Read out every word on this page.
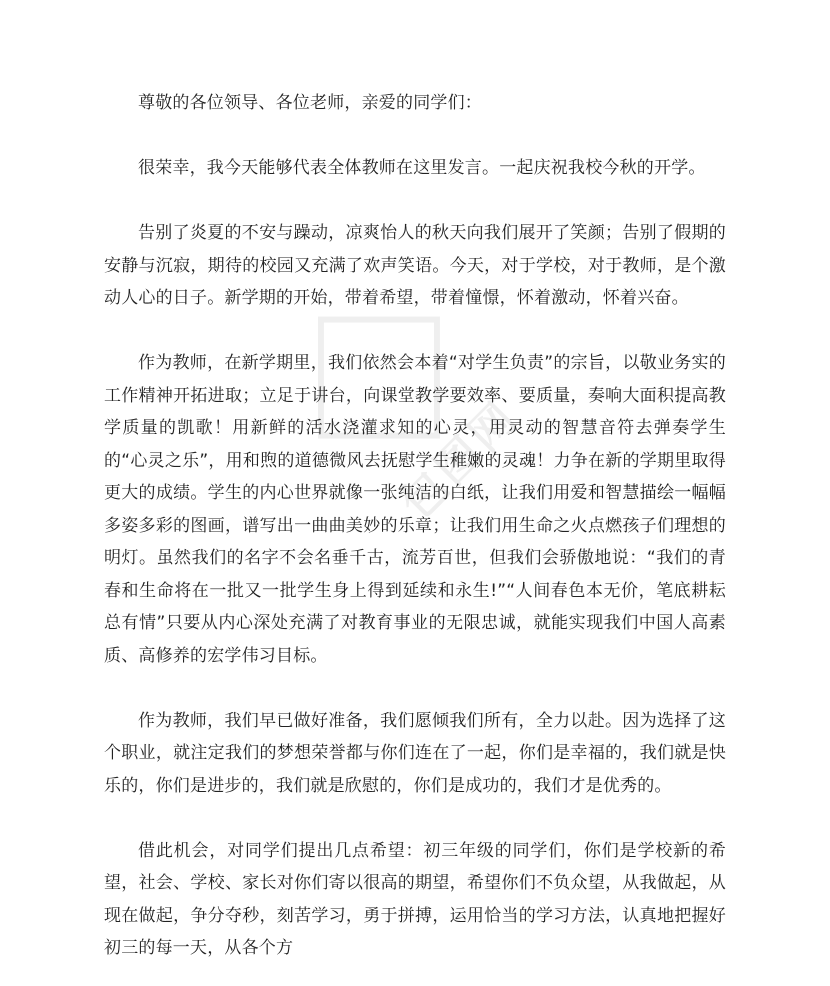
包图网

尊敬的各位领导、各位老师，亲爱的同学们：

很荣幸，我今天能够代表全体教师在这里发言。一起庆祝我校今秋的开学。

告别了炎夏的不安与躁动，凉爽怡人的秋天向我们展开了笑颜；告别了假期的安静与沉寂，期待的校园又充满了欢声笑语。今天，对于学校，对于教师，是个激动人心的日子。新学期的开始，带着希望，带着憧憬，怀着激动，怀着兴奋。

作为教师，在新学期里，我们依然会本着“对学生负责”的宗旨，以敬业务实的工作精神开拓进取；立足于讲台，向课堂教学要效率、要质量，奏响大面积提高教学质量的凯歌！用新鲜的活水浇灌求知的心灵，用灵动的智慧音符去弹奏学生的“心灵之乐”，用和煦的道德微风去抚慰学生稚嫩的灵魂！力争在新的学期里取得更大的成绩。学生的内心世界就像一张纯洁的白纸，让我们用爱和智慧描绘一幅幅多姿多彩的图画，谱写出一曲曲美妙的乐章；让我们用生命之火点燃孩子们理想的明灯。虽然我们的名字不会名垂千古，流芳百世，但我们会骄傲地说：“我们的青春和生命将在一批又一批学生身上得到延续和永生!”“人间春色本无价，笔底耕耘总有情”只要从内心深处充满了对教育事业的无限忠诚，就能实现我们中国人高素质、高修养的宏学伟习目标。

作为教师，我们早已做好准备，我们愿倾我们所有，全力以赴。因为选择了这个职业，就注定我们的梦想荣誉都与你们连在了一起，你们是幸福的，我们就是快乐的，你们是进步的，我们就是欣慰的，你们是成功的，我们才是优秀的。

借此机会，对同学们提出几点希望：初三年级的同学们，你们是学校新的希望，社会、学校、家长对你们寄以很高的期望，希望你们不负众望，从我做起，从现在做起，争分夺秒，刻苦学习，勇于拼搏，运用恰当的学习方法，认真地把握好初三的每一天，从各个方
